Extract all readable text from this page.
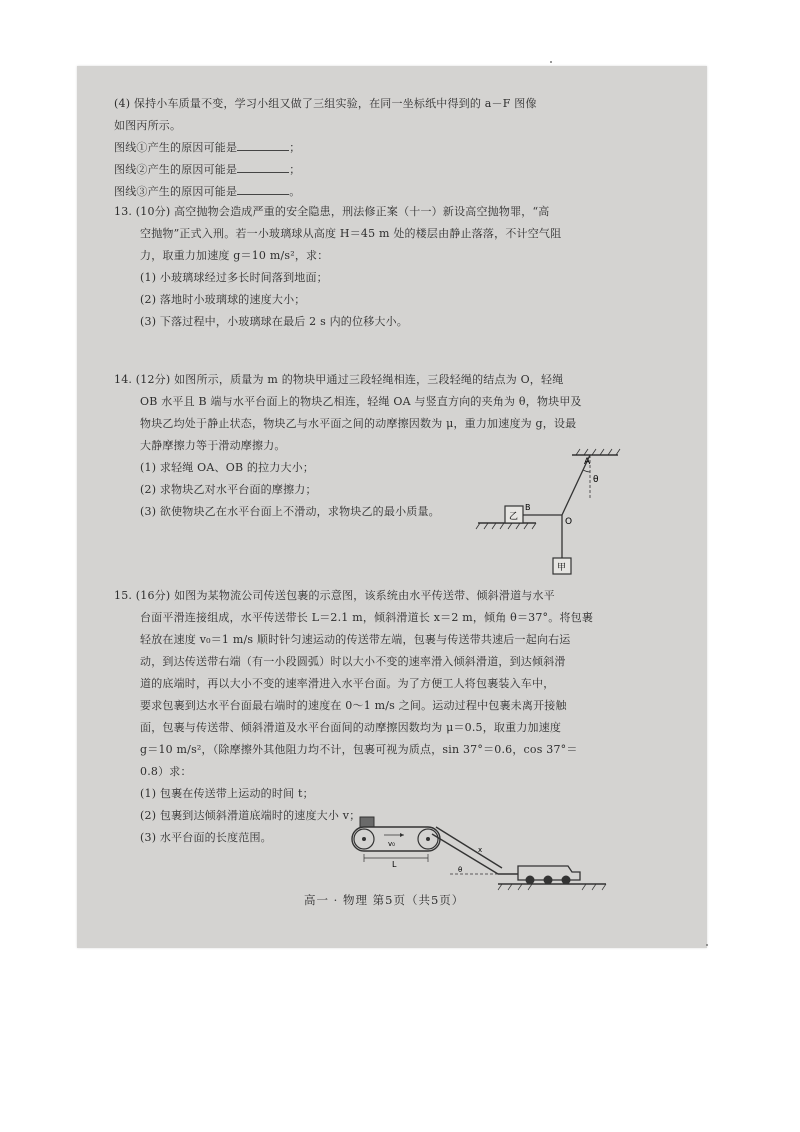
(4) 保持小车质量不变，学习小组又做了三组实验，在同一坐标纸中得到的 a－F 图像
如图丙所示。
图线①产生的原因可能是	；
图线②产生的原因可能是	；
图线③产生的原因可能是	。
13. (10分) 高空抛物会造成严重的安全隐患，刑法修正案（十一）新设高空抛物罪，“高
空抛物”正式入刑。若一小玻璃球从高度 H＝45 m 处的楼层由静止落落，不计空气阻
力，取重力加速度 g＝10 m/s²，求：
(1) 小玻璃球经过多长时间落到地面；
(2) 落地时小玻璃球的速度大小；
(3) 下落过程中，小玻璃球在最后 2 s 内的位移大小。
14. (12分) 如图所示，质量为 m 的物块甲通过三段轻绳相连，三段轻绳的结点为 O，轻绳
OB 水平且 B 端与水平台面上的物块乙相连，轻绳 OA 与竖直方向的夹角为 θ，物块甲及
物块乙均处于静止状态，物块乙与水平面之间的动摩擦因数为 μ，重力加速度为 g，设最
大静摩擦力等于滑动摩擦力。
(1) 求轻绳 OA、OB 的拉力大小；
(2) 求物块乙对水平台面的摩擦力；
(3) 欲使物块乙在水平台面上不滑动，求物块乙的最小质量。
A
θ
B
O
乙
甲
15. (16分) 如图为某物流公司传送包裹的示意图，该系统由水平传送带、倾斜滑道与水平
台面平滑连接组成，水平传送带长 L＝2.1 m，倾斜滑道长 x＝2 m，倾角 θ＝37°。将包裹
轻放在速度 v₀＝1 m/s 顺时针匀速运动的传送带左端，包裹与传送带共速后一起向右运
动，到达传送带右端（有一小段圆弧）时以大小不变的速率滑入倾斜滑道，到达倾斜滑
道的底端时，再以大小不变的速率滑进入水平台面。为了方便工人将包裹装入车中，
要求包裹到达水平台面最右端时的速度在 0～1 m/s 之间。运动过程中包裹未离开接触
面，包裹与传送带、倾斜滑道及水平台面间的动摩擦因数均为 μ＝0.5，取重力加速度
g＝10 m/s²，（除摩擦外其他阻力均不计，包裹可视为质点，sin 37°＝0.6，cos 37°＝
0.8）求：
(1) 包裹在传送带上运动的时间 t；
(2) 包裹到达倾斜滑道底端时的速度大小 v；
(3) 水平台面的长度范围。	v₀
L
x
θ
高一 · 物理 第5页（共5页）
